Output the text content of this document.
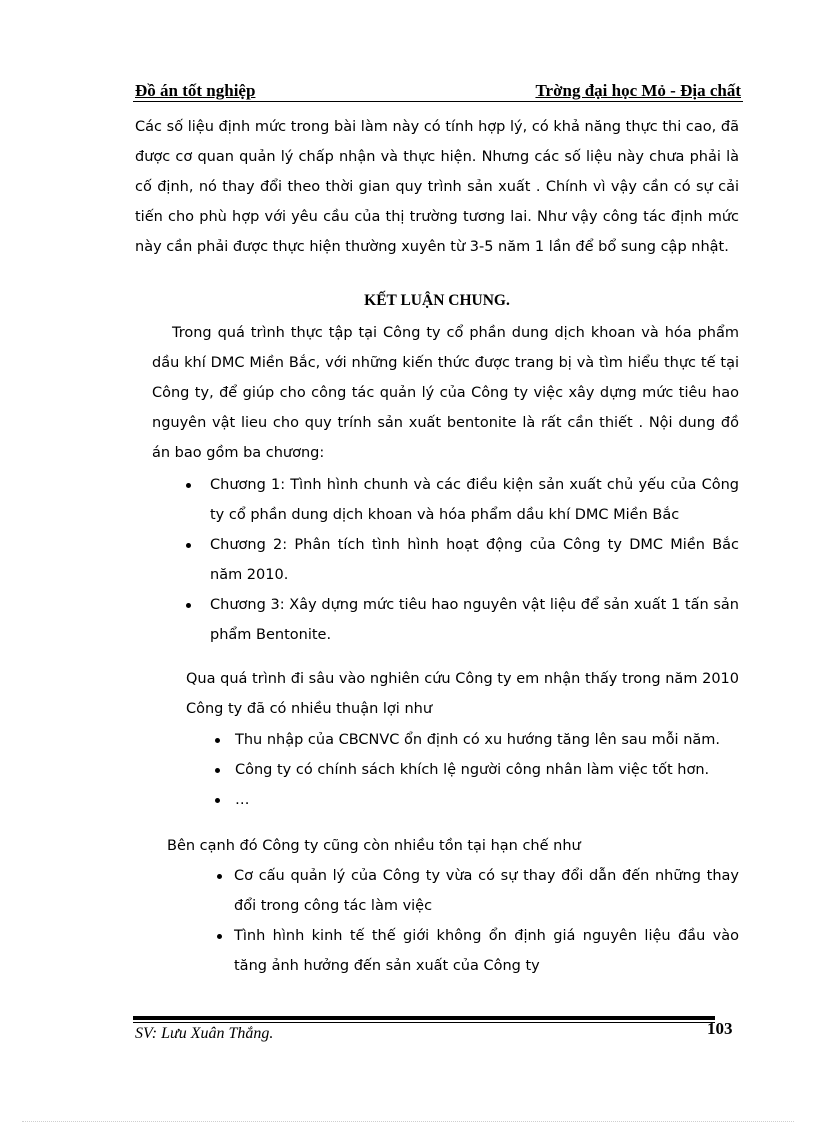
Đồ án tốt nghiệp	Trờng đại học Mỏ - Địa chất
Các số liệu định mức trong bài làm này có tính hợp lý, có khả năng thực thi cao, đã được cơ quan quản lý chấp nhận và thực hiện. Nhưng các số liệu này chưa phải là cố định, nó thay đổi theo thời gian quy trình sản xuất . Chính vì vậy cần có sự cải tiến cho phù hợp với yêu cầu của thị trường tương lai. Như vậy công tác định mức này cần phải được thực hiện thường xuyên từ 3-5 năm 1 lần để bổ sung cập nhật.
KẾT LUẬN CHUNG.
Trong quá trình thực tập tại Công ty cổ phần dung dịch khoan và hóa phẩm dầu khí DMC Miền Bắc, với những kiến thức được trang bị và tìm hiểu thực tế tại Công ty, để giúp cho công tác quản lý của Công ty việc xây dựng mức tiêu hao nguyên vật lieu cho quy trính sản xuất bentonite là rất cần thiết . Nội dung đồ án bao gồm ba chương:
Chương 1: Tình hình chunh và các điều kiện sản xuất chủ yếu của Công ty cổ phần dung dịch khoan và hóa phẩm dầu khí DMC Miền Bắc
Chương 2: Phân tích tình hình hoạt động của Công ty DMC Miền Bắc năm 2010.
Chương 3: Xây dựng mức tiêu hao nguyên vật liệu để sản xuất 1 tấn sản phẩm Bentonite.
Qua quá trình đi sâu vào nghiên cứu Công ty em nhận thấy trong năm 2010 Công ty đã có nhiều thuận lợi như
Thu nhập của CBCNVC ổn định có xu hướng tăng lên sau mỗi năm.
Công ty có chính sách khích lệ người công nhân làm việc tốt hơn.
…
Bên cạnh đó Công ty cũng còn nhiều tồn tại hạn chế như
Cơ cấu quản lý của Công ty vừa có sự thay đổi dẫn đến những thay đổi trong công tác làm việc
Tình hình kinh tế thế giới không ổn định giá nguyên liệu đầu vào tăng ảnh hưởng đến sản xuất của Công ty
SV: Lưu Xuân Thắng.	103
